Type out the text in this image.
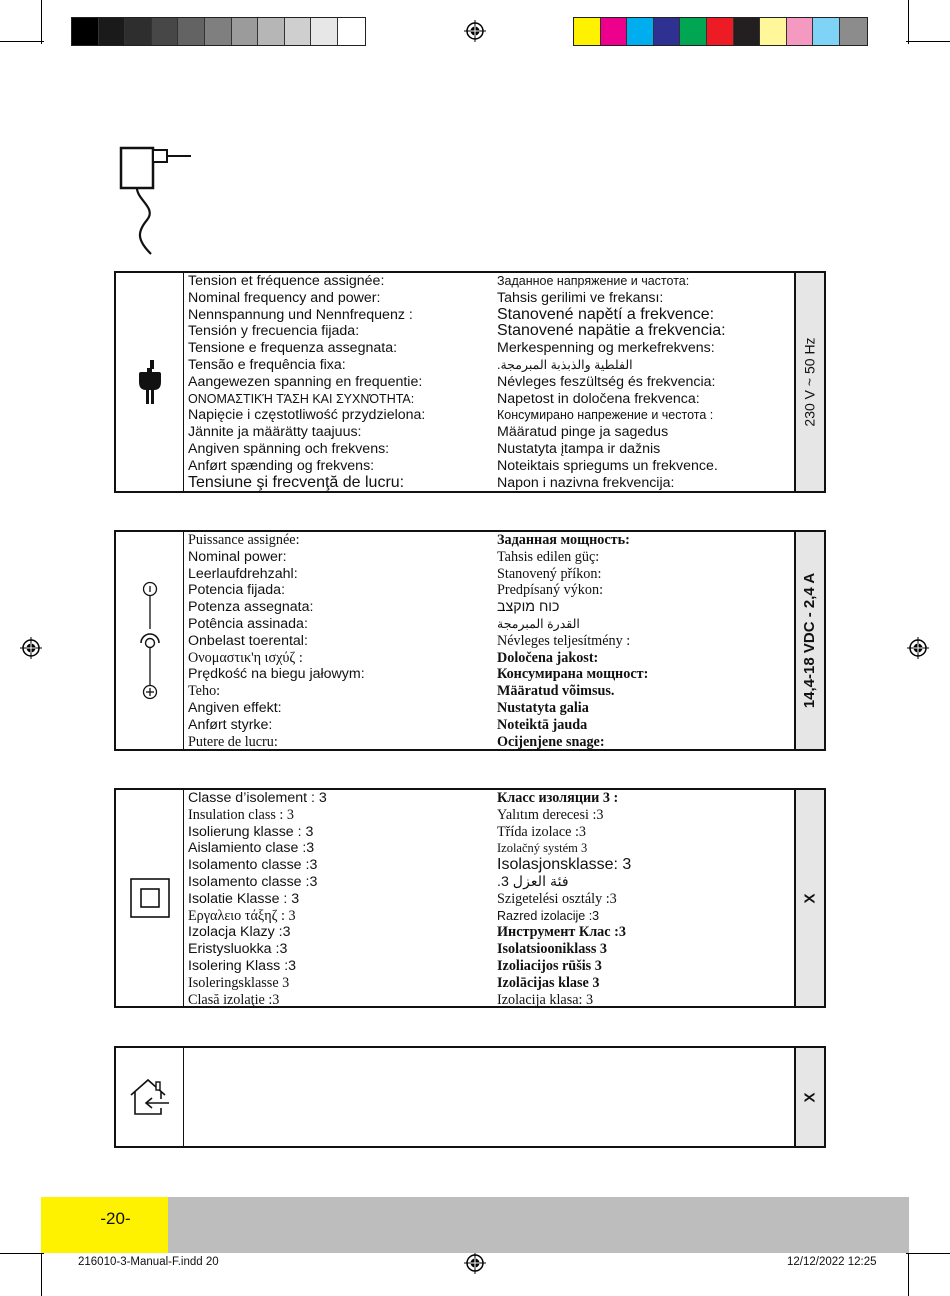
Tension et fréquence assignée:
Nominal frequency and power:
Nennspannung und Nennfrequenz :
Tensión y frecuencia fijada:
Tensione e frequenza assegnata:
Tensão e frequência fixa:
Aangewezen spanning en frequentie:
ΟΝΟΜΑΣΤΙΚΉ ΤΆΣΗ ΚΑΙ ΣΥΧΝΌΤΗΤΑ:
Napięcie i częstotliwość przydzielona:
Jännite ja määrätty taajuus:
Angiven spänning och frekvens:
Anført spænding og frekvens:
Tensiune şi frecvenţă de lucru:
Заданное напряжение и частота:
Tahsis gerilimi ve frekansı:
Stanovené napětí a frekvence:
Stanovené napätie a frekvencia:
Merkespenning og merkefrekvens:
الفلطية والذبذبة المبرمجة.
Névleges feszültség és frekvencia:
Napetost in določena frekvenca:
Консумирано напрежение и честота :
Määratud pinge ja sagedus
Nustatyta įtampa ir dažnis
Noteiktais spriegums un frekvence.
Napon i nazivna frekvencija:
230 V ~ 50 Hz
Puissance assignée:
Nominal power:
Leerlaufdrehzahl:
Potencia fijada:
Potenza assegnata:
Potência assinada:
Onbelast toerental:
Ονομαστικ'η ισχύζ :
Prędkość na biegu jałowym:
Teho:
Angiven effekt:
Anført styrke:
Putere de lucru:
Заданная мощность:
Tahsis edilen güç:
Stanovený příkon:
Predpísaný výkon:
כוח מוקצב
القدرة المبرمجة
Névleges teljesítmény :
Določena jakost:
Консумирана мощност:
Määratud võimsus.
Nustatyta galia
Noteiktā jauda
Ocijenjene snage:
14,4-18 VDC - 2,4 A
Classe d’isolement : 3
Insulation class : 3
Isolierung klasse : 3
Aislamiento clase :3
Isolamento classe :3
Isolamento classe :3
Isolatie Klasse : 3
Εργαλειο τάξηζ : 3
Izolacja Klazy :3
Eristysluokka :3
Isolering Klass :3
Isoleringsklasse 3
Clasă izolaţie :3
Класс изоляции 3 :
Yalıtım derecesi :3
Třída izolace :3
Izolačný systém 3
Isolasjonsklasse: 3
فئة العزل 3.
Szigetelési osztály :3
Razred izolacije :3
Инструмент Клас :3
Isolatsiooniklass 3
Izoliacijos rūšis 3
Izolācijas klase 3
Izolacija klasa: 3
X
X
-20-
216010-3-Manual-F.indd 20	12/12/2022 12:25
